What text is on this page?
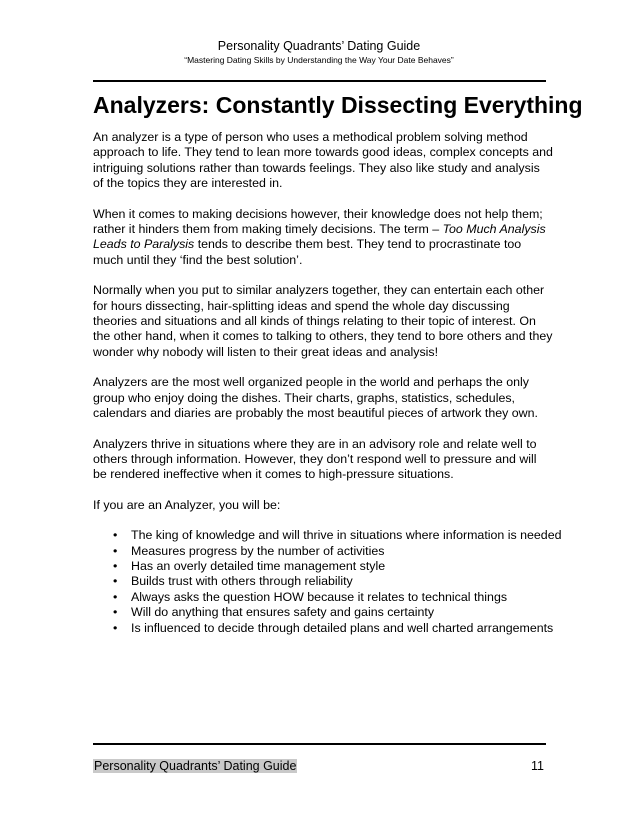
Personality Quadrants’ Dating Guide
“Mastering Dating Skills by Understanding the Way Your Date Behaves”
Analyzers: Constantly Dissecting Everything

An analyzer is a type of person who uses a methodical problem solving method approach to life. They tend to lean more towards good ideas, complex concepts and intriguing solutions rather than towards feelings. They also like study and analysis of the topics they are interested in.

When it comes to making decisions however, their knowledge does not help them; rather it hinders them from making timely decisions. The term – Too Much Analysis Leads to Paralysis tends to describe them best. They tend to procrastinate too much until they ‘find the best solution’.

Normally when you put to similar analyzers together, they can entertain each other for hours dissecting, hair-splitting ideas and spend the whole day discussing theories and situations and all kinds of things relating to their topic of interest. On the other hand, when it comes to talking to others, they tend to bore others and they wonder why nobody will listen to their great ideas and analysis!

Analyzers are the most well organized people in the world and perhaps the only group who enjoy doing the dishes. Their charts, graphs, statistics, schedules, calendars and diaries are probably the most beautiful pieces of artwork they own.

Analyzers thrive in situations where they are in an advisory role and relate well to others through information. However, they don’t respond well to pressure and will be rendered ineffective when it comes to high-pressure situations.

If you are an Analyzer, you will be:

• The king of knowledge and will thrive in situations where information is needed
• Measures progress by the number of activities
• Has an overly detailed time management style
• Builds trust with others through reliability
• Always asks the question HOW because it relates to technical things
• Will do anything that ensures safety and gains certainty
• Is influenced to decide through detailed plans and well charted arrangements
Personality Quadrants’ Dating Guide	11
